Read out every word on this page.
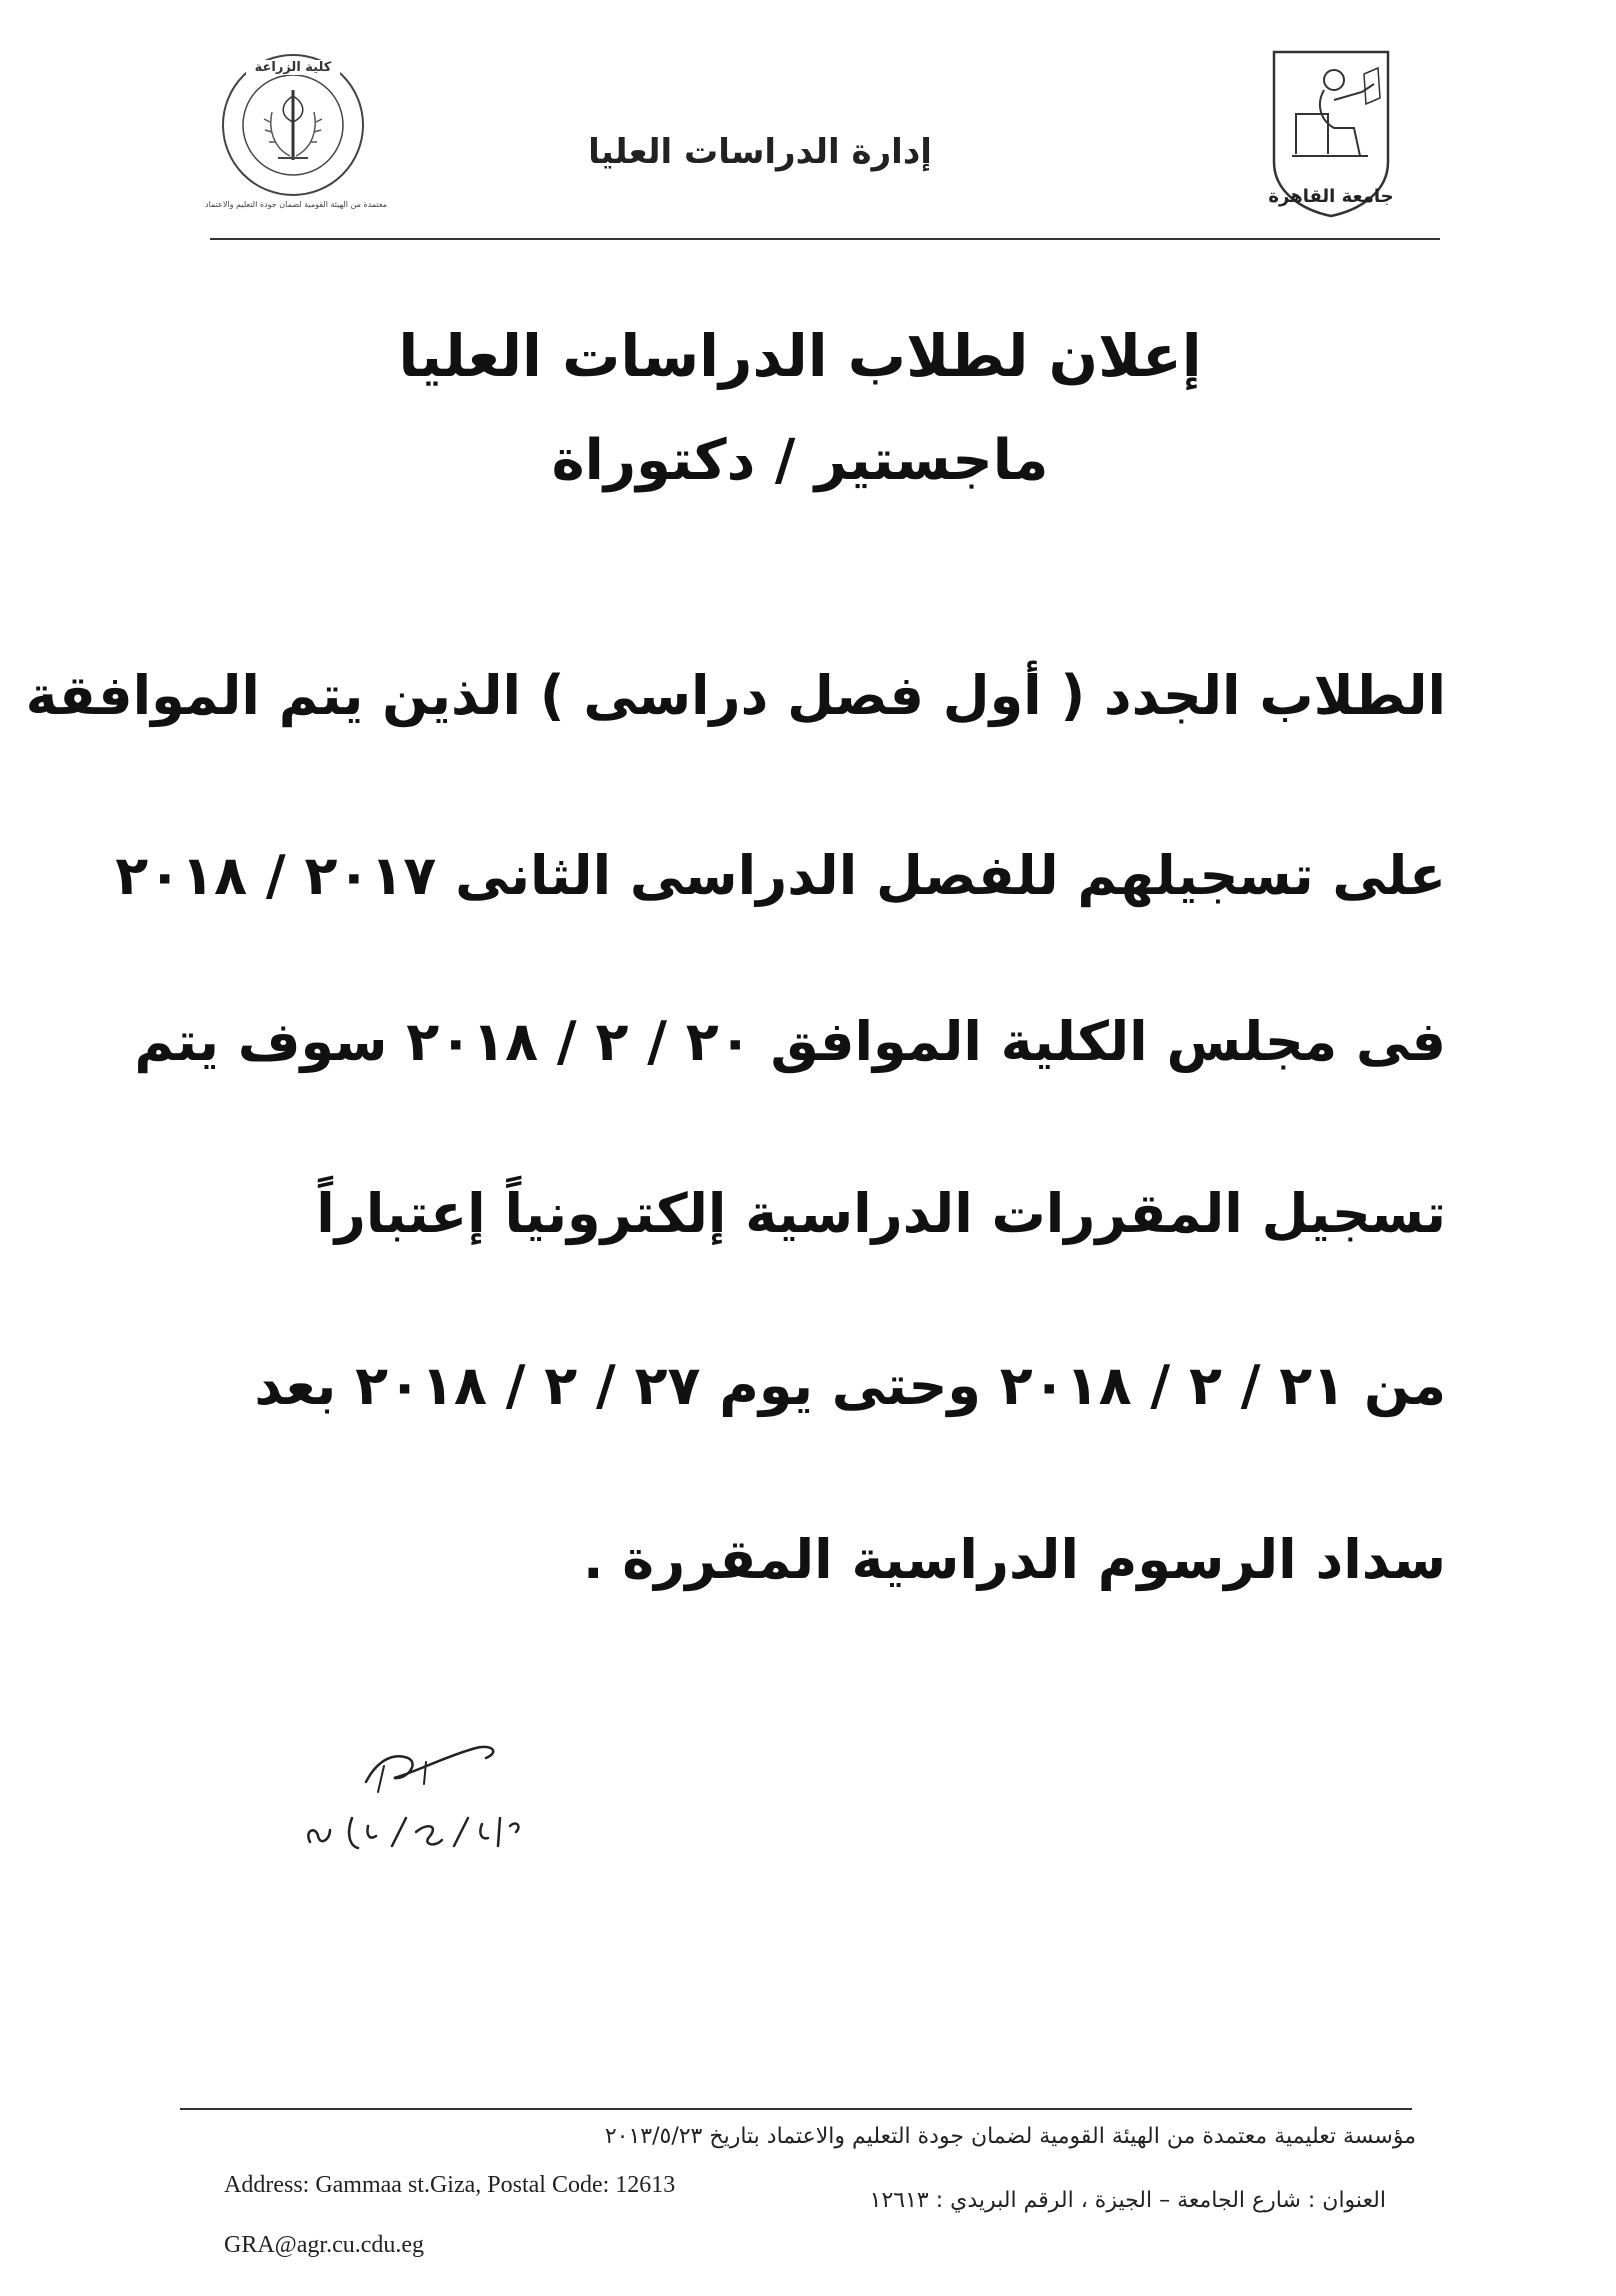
كلية الزراعة
معتمدة من الهيئة القومية لضمان جودة التعليم والاعتماد
إدارة الدراسات العليا
جامعة القاهرة
إعلان لطلاب الدراسات العليا
ماجستير / دكتوراة
الطلاب الجدد ( أول فصل دراسى ) الذين يتم الموافقة
على تسجيلهم للفصل الدراسى الثانى ٢٠١٧ / ٢٠١٨
فى مجلس الكلية الموافق ٢٠ / ٢ / ٢٠١٨ سوف يتم
تسجيل المقررات الدراسية إلكترونياً إعتباراً
من ٢١ / ٢ / ٢٠١٨ وحتى يوم ٢٧ / ٢ / ٢٠١٨ بعد
سداد الرسوم الدراسية المقررة .
مؤسسة تعليمية معتمدة من الهيئة القومية لضمان جودة التعليم والاعتماد بتاريخ ٢٠١٣/٥/٢٣
Address: Gammaa st.Giza, Postal Code: 12613
العنوان : شارع الجامعة – الجيزة ، الرقم البريدي : ١٢٦١٣
GRA@agr.cu.cdu.eg
